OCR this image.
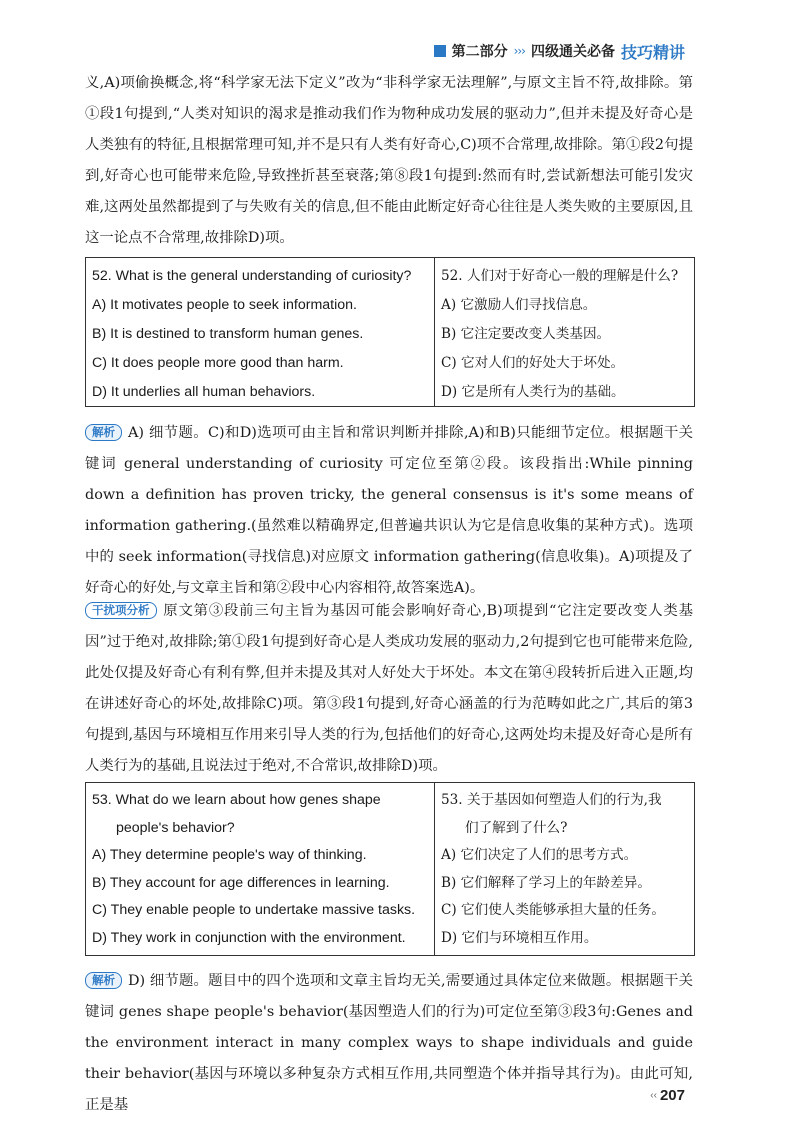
第二部分 ››› 四级通关必备 技巧精讲
义,A)项偷换概念,将“科学家无法下定义”改为“非科学家无法理解”,与原文主旨不符,故排除。第①段1句提到,“人类对知识的渴求是推动我们作为物种成功发展的驱动力”,但并未提及好奇心是人类独有的特征,且根据常理可知,并不是只有人类有好奇心,C)项不合常理,故排除。第①段2句提到,好奇心也可能带来危险,导致挫折甚至衰落;第⑧段1句提到:然而有时,尝试新想法可能引发灾难,这两处虽然都提到了与失败有关的信息,但不能由此断定好奇心往往是人类失败的主要原因,且这一论点不合常理,故排除D)项。
52. What is the general understanding of curiosity?
A) It motivates people to seek information.
B) It is destined to transform human genes.
C) It does people more good than harm.
D) It underlies all human behaviors.
52. 人们对于好奇心一般的理解是什么?
A) 它激励人们寻找信息。
B) 它注定要改变人类基因。
C) 它对人们的好处大于坏处。
D) 它是所有人类行为的基础。
解析 A) 细节题。C)和D)选项可由主旨和常识判断并排除,A)和B)只能细节定位。根据题干关键词 general understanding of curiosity 可定位至第②段。该段指出:While pinning down a definition has proven tricky, the general consensus is it's some means of information gathering.(虽然难以精确界定,但普遍共识认为它是信息收集的某种方式)。选项中的 seek information(寻找信息)对应原文 information gathering(信息收集)。A)项提及了好奇心的好处,与文章主旨和第②段中心内容相符,故答案选A)。
干扰项分析 原文第③段前三句主旨为基因可能会影响好奇心,B)项提到“它注定要改变人类基因”过于绝对,故排除;第①段1句提到好奇心是人类成功发展的驱动力,2句提到它也可能带来危险,此处仅提及好奇心有利有弊,但并未提及其对人好处大于坏处。本文在第④段转折后进入正题,均在讲述好奇心的坏处,故排除C)项。第③段1句提到,好奇心涵盖的行为范畴如此之广,其后的第3句提到,基因与环境相互作用来引导人类的行为,包括他们的好奇心,这两处均未提及好奇心是所有人类行为的基础,且说法过于绝对,不合常识,故排除D)项。
53. What do we learn about how genes shape
people's behavior?
A) They determine people's way of thinking.
B) They account for age differences in learning.
C) They enable people to undertake massive tasks.
D) They work in conjunction with the environment.
53. 关于基因如何塑造人们的行为,我
们了解到了什么?
A) 它们决定了人们的思考方式。
B) 它们解释了学习上的年龄差异。
C) 它们使人类能够承担大量的任务。
D) 它们与环境相互作用。
解析 D) 细节题。题目中的四个选项和文章主旨均无关,需要通过具体定位来做题。根据题干关键词 genes shape people's behavior(基因塑造人们的行为)可定位至第③段3句:Genes and the environment interact in many complex ways to shape individuals and guide their behavior(基因与环境以多种复杂方式相互作用,共同塑造个体并指导其行为)。由此可知,正是基
‹‹ 207
